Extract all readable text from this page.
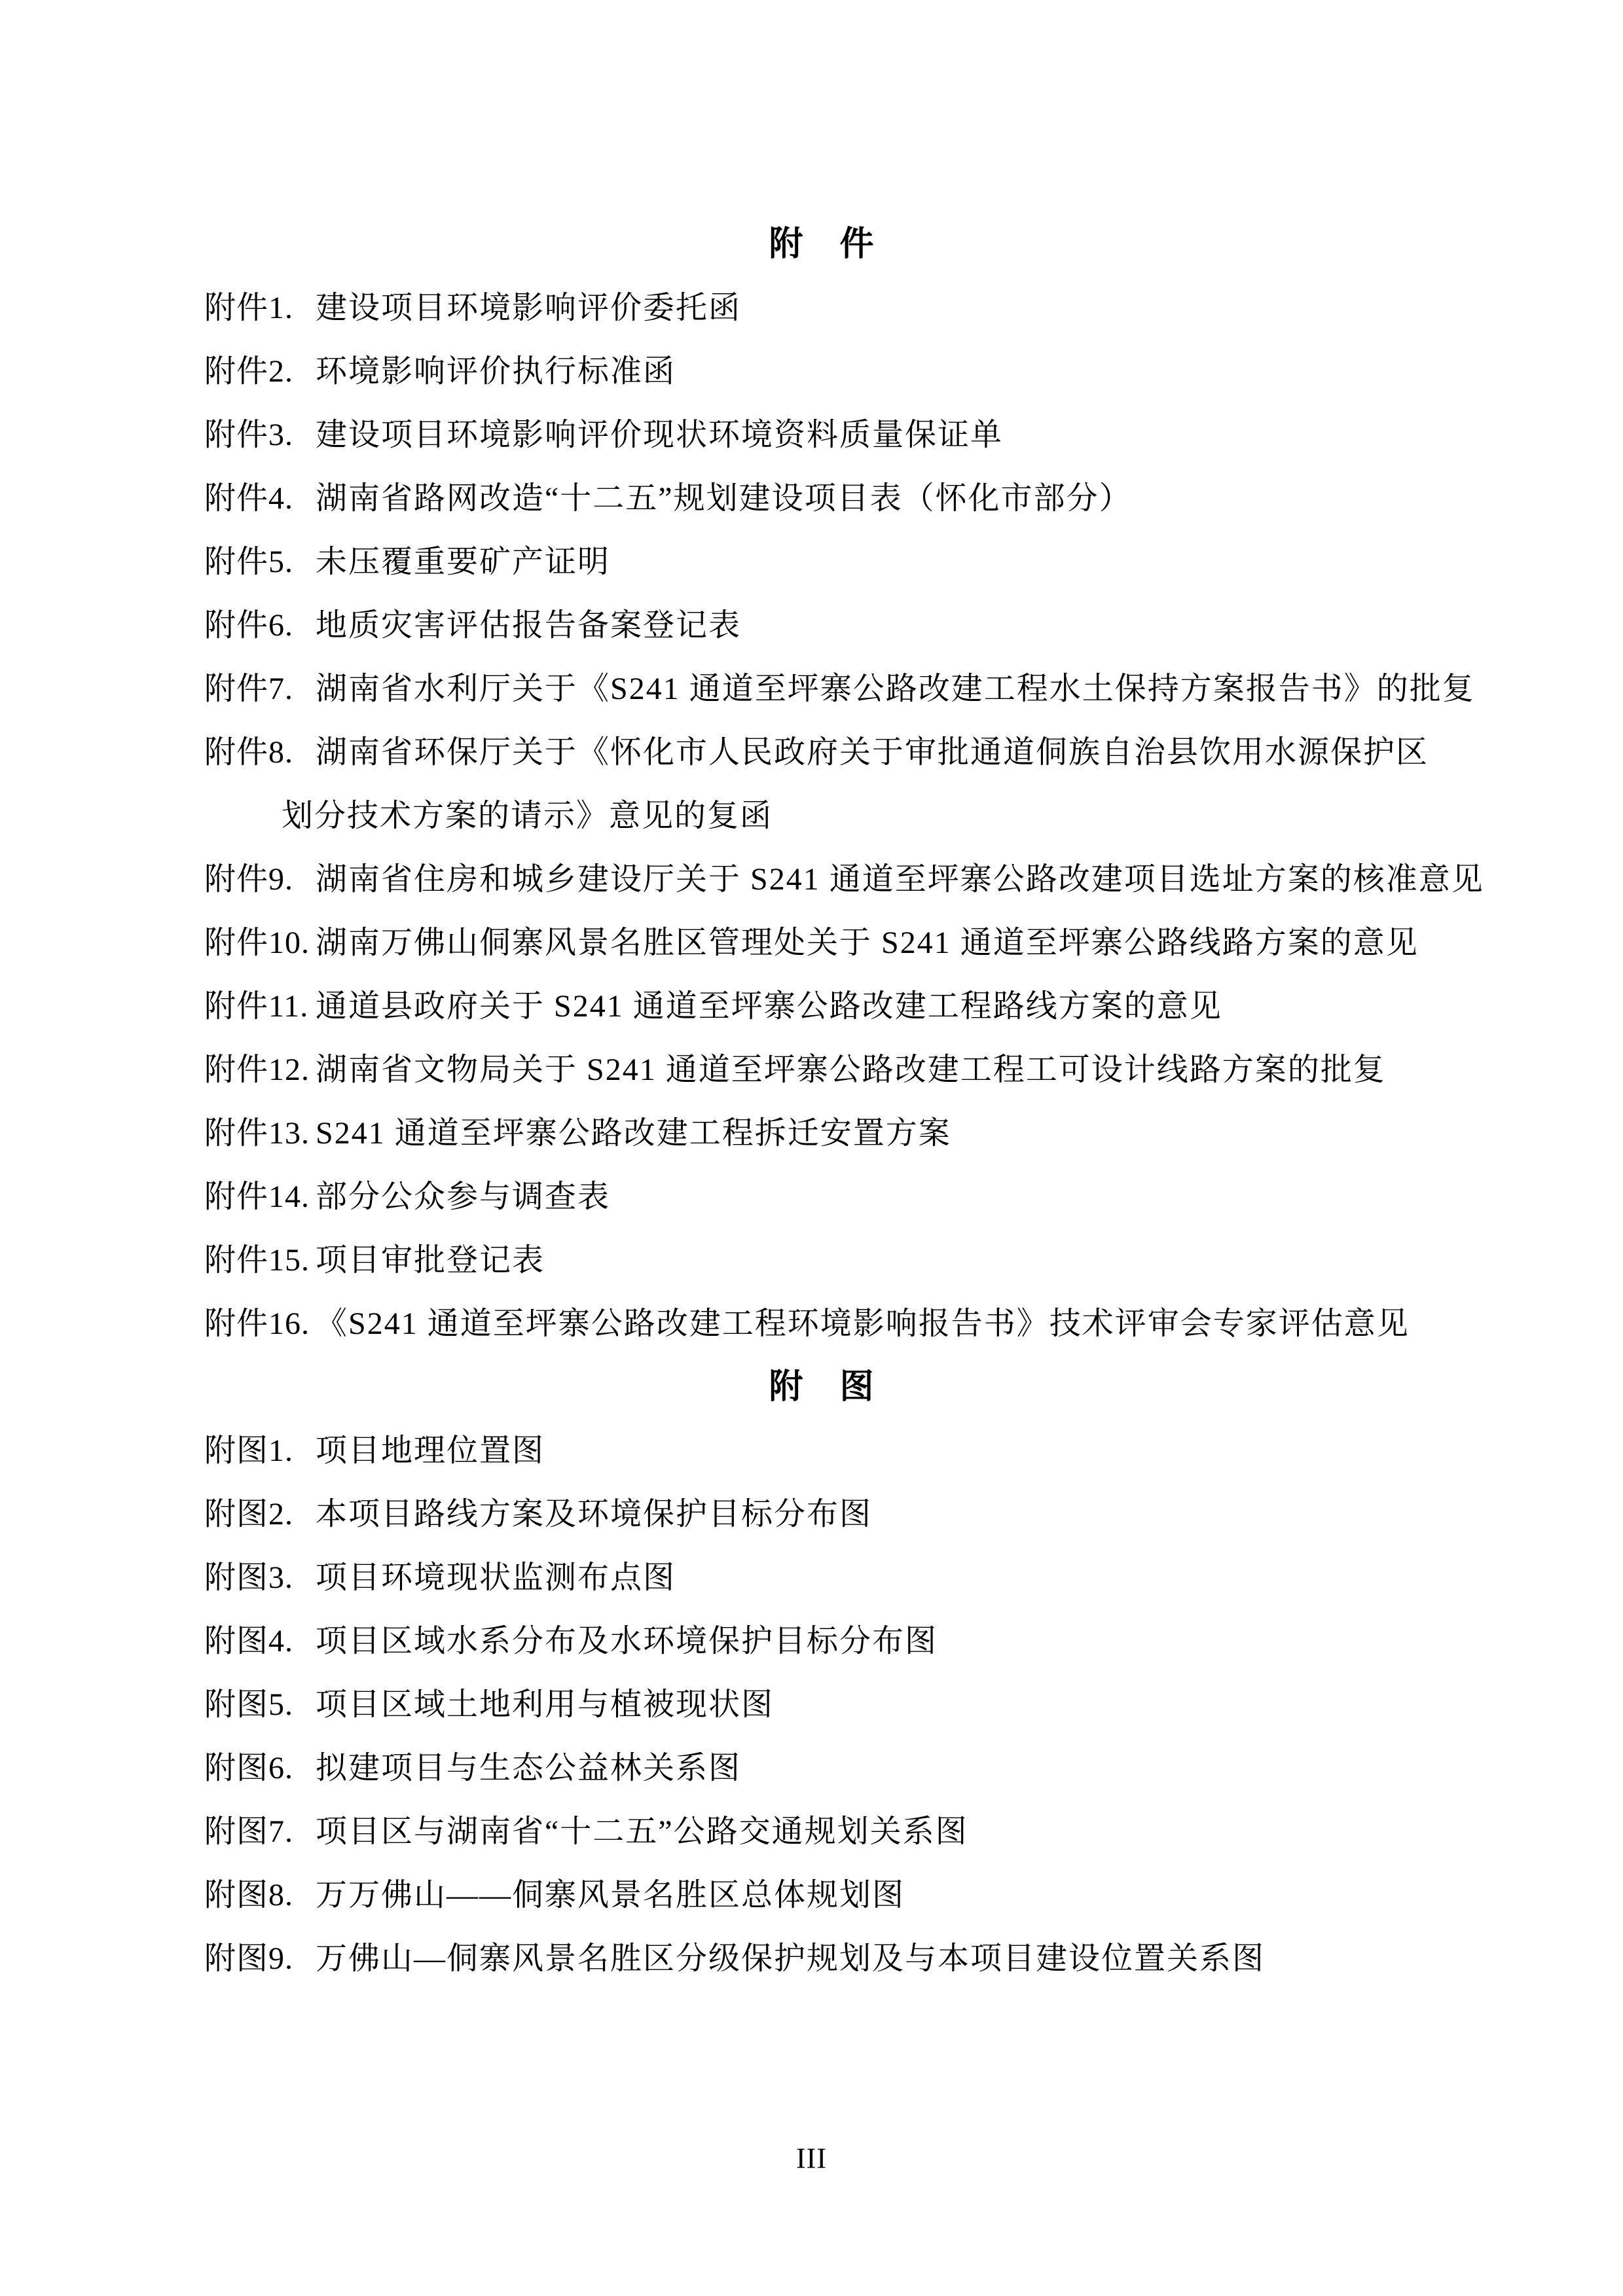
附　件
附件1. 建设项目环境影响评价委托函
附件2. 环境影响评价执行标准函
附件3. 建设项目环境影响评价现状环境资料质量保证单
附件4. 湖南省路网改造“十二五”规划建设项目表（怀化市部分）
附件5. 未压覆重要矿产证明
附件6. 地质灾害评估报告备案登记表
附件7. 湖南省水利厅关于《S241 通道至坪寨公路改建工程水土保持方案报告书》的批复
附件8. 湖南省环保厅关于《怀化市人民政府关于审批通道侗族自治县饮用水源保护区
划分技术方案的请示》意见的复函
附件9. 湖南省住房和城乡建设厅关于 S241 通道至坪寨公路改建项目选址方案的核准意见
附件10. 湖南万佛山侗寨风景名胜区管理处关于 S241 通道至坪寨公路线路方案的意见
附件11. 通道县政府关于 S241 通道至坪寨公路改建工程路线方案的意见
附件12. 湖南省文物局关于 S241 通道至坪寨公路改建工程工可设计线路方案的批复
附件13. S241 通道至坪寨公路改建工程拆迁安置方案
附件14. 部分公众参与调查表
附件15. 项目审批登记表
附件16. 《S241 通道至坪寨公路改建工程环境影响报告书》技术评审会专家评估意见
附　图
附图1. 项目地理位置图
附图2. 本项目路线方案及环境保护目标分布图
附图3. 项目环境现状监测布点图
附图4. 项目区域水系分布及水环境保护目标分布图
附图5. 项目区域土地利用与植被现状图
附图6. 拟建项目与生态公益林关系图
附图7. 项目区与湖南省“十二五”公路交通规划关系图
附图8. 万万佛山——侗寨风景名胜区总体规划图
附图9. 万佛山—侗寨风景名胜区分级保护规划及与本项目建设位置关系图
III
